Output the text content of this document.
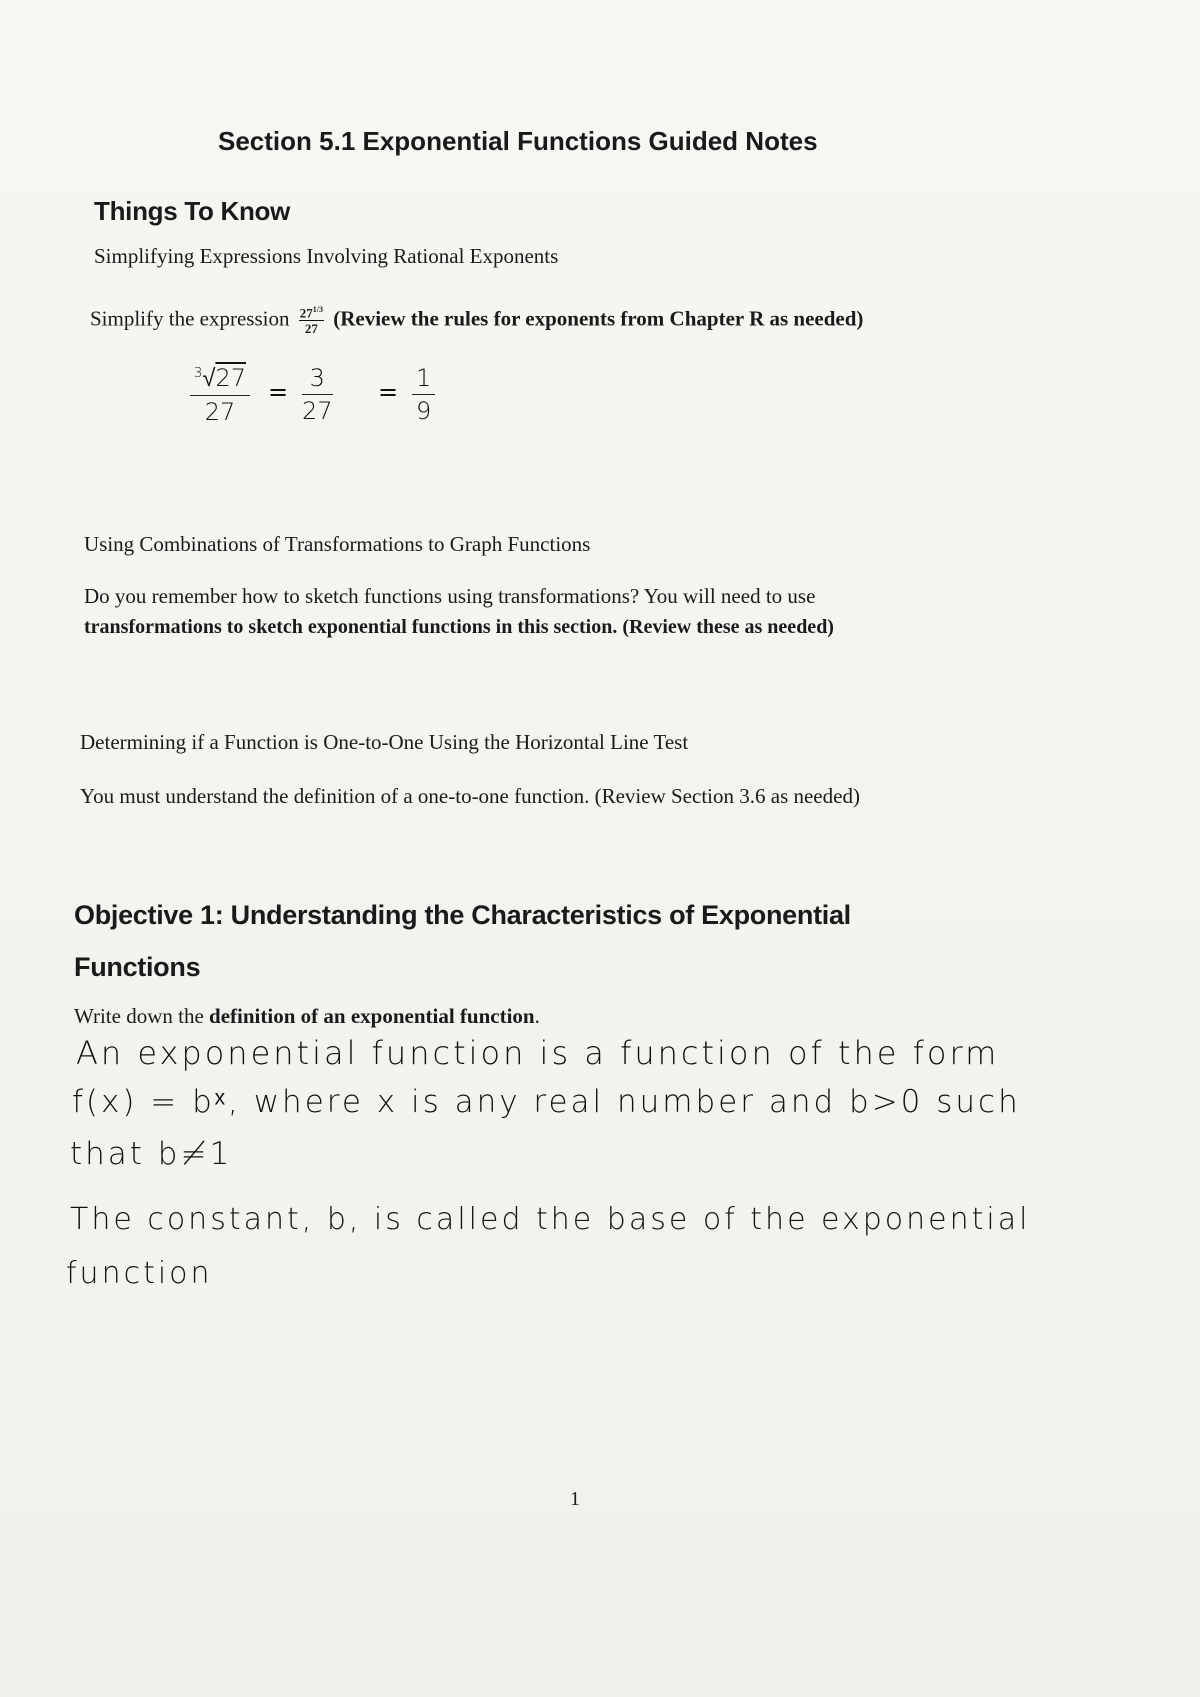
Section 5.1 Exponential Functions Guided Notes
Things To Know
Simplifying Expressions Involving Rational Exponents
Simplify the expression $\frac{27^{1/3}}{27}$ (Review the rules for exponents from Chapter R as needed)
$^3$√27
27
= $\frac{3}{27} = \frac{1}{9}$
Using Combinations of Transformations to Graph Functions
Do you remember how to sketch functions using transformations? You will need to use
transformations to sketch exponential functions in this section. (Review these as needed)
Determining if a Function is One-to-One Using the Horizontal Line Test
You must understand the definition of a one-to-one function. (Review Section 3.6 as needed)
Objective 1: Understanding the Characteristics of Exponential
Functions
Write down the definition of an exponential function.
An exponential function is a function of the form
f(x) = bˣ, where x is any real number and b>0 such
that b≠1
The constant, b, is called the base of the exponential
function
1
